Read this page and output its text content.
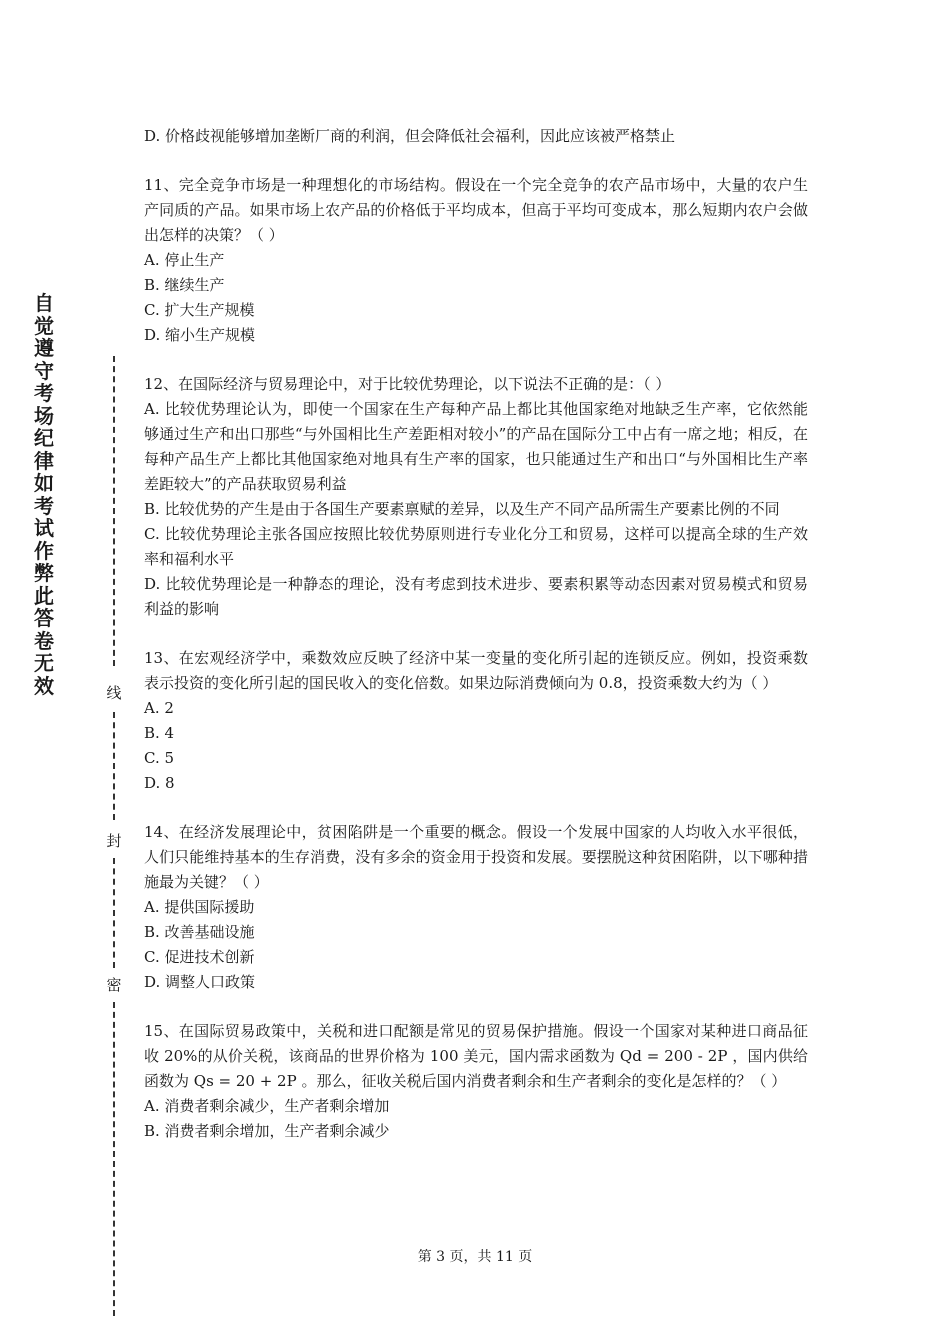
自觉遵守考场纪律如考试作弊此答卷无效	线
封
密

D. 价格歧视能够增加垄断厂商的利润，但会降低社会福利，因此应该被严格禁止

11、完全竞争市场是一种理想化的市场结构。假设在一个完全竞争的农产品市场中，大量的农户生产同质的产品。如果市场上农产品的价格低于平均成本，但高于平均可变成本，那么短期内农户会做出怎样的决策？（ ）

A. 停止生产

B. 继续生产

C. 扩大生产规模

D. 缩小生产规模

12、在国际经济与贸易理论中，对于比较优势理论，以下说法不正确的是：（ ）

A. 比较优势理论认为，即使一个国家在生产每种产品上都比其他国家绝对地缺乏生产率，它依然能够通过生产和出口那些“与外国相比生产差距相对较小”的产品在国际分工中占有一席之地；相反，在每种产品生产上都比其他国家绝对地具有生产率的国家，也只能通过生产和出口“与外国相比生产率差距较大”的产品获取贸易利益

B. 比较优势的产生是由于各国生产要素禀赋的差异，以及生产不同产品所需生产要素比例的不同

C. 比较优势理论主张各国应按照比较优势原则进行专业化分工和贸易，这样可以提高全球的生产效率和福利水平

D. 比较优势理论是一种静态的理论，没有考虑到技术进步、要素积累等动态因素对贸易模式和贸易利益的影响

13、在宏观经济学中，乘数效应反映了经济中某一变量的变化所引起的连锁反应。例如，投资乘数表示投资的变化所引起的国民收入的变化倍数。如果边际消费倾向为 0.8，投资乘数大约为（ ）

A. 2

B. 4

C. 5

D. 8

14、在经济发展理论中，贫困陷阱是一个重要的概念。假设一个发展中国家的人均收入水平很低，人们只能维持基本的生存消费，没有多余的资金用于投资和发展。要摆脱这种贫困陷阱，以下哪种措施最为关键？（ ）

A. 提供国际援助

B. 改善基础设施

C. 促进技术创新

D. 调整人口政策

15、在国际贸易政策中，关税和进口配额是常见的贸易保护措施。假设一个国家对某种进口商品征收 20%的从价关税，该商品的世界价格为 100 美元，国内需求函数为 Qd = 200 - 2P ，国内供给函数为 Qs = 20 + 2P 。那么，征收关税后国内消费者剩余和生产者剩余的变化是怎样的？（ ）

A. 消费者剩余减少，生产者剩余增加

B. 消费者剩余增加，生产者剩余减少

第 3 页，共 11 页
